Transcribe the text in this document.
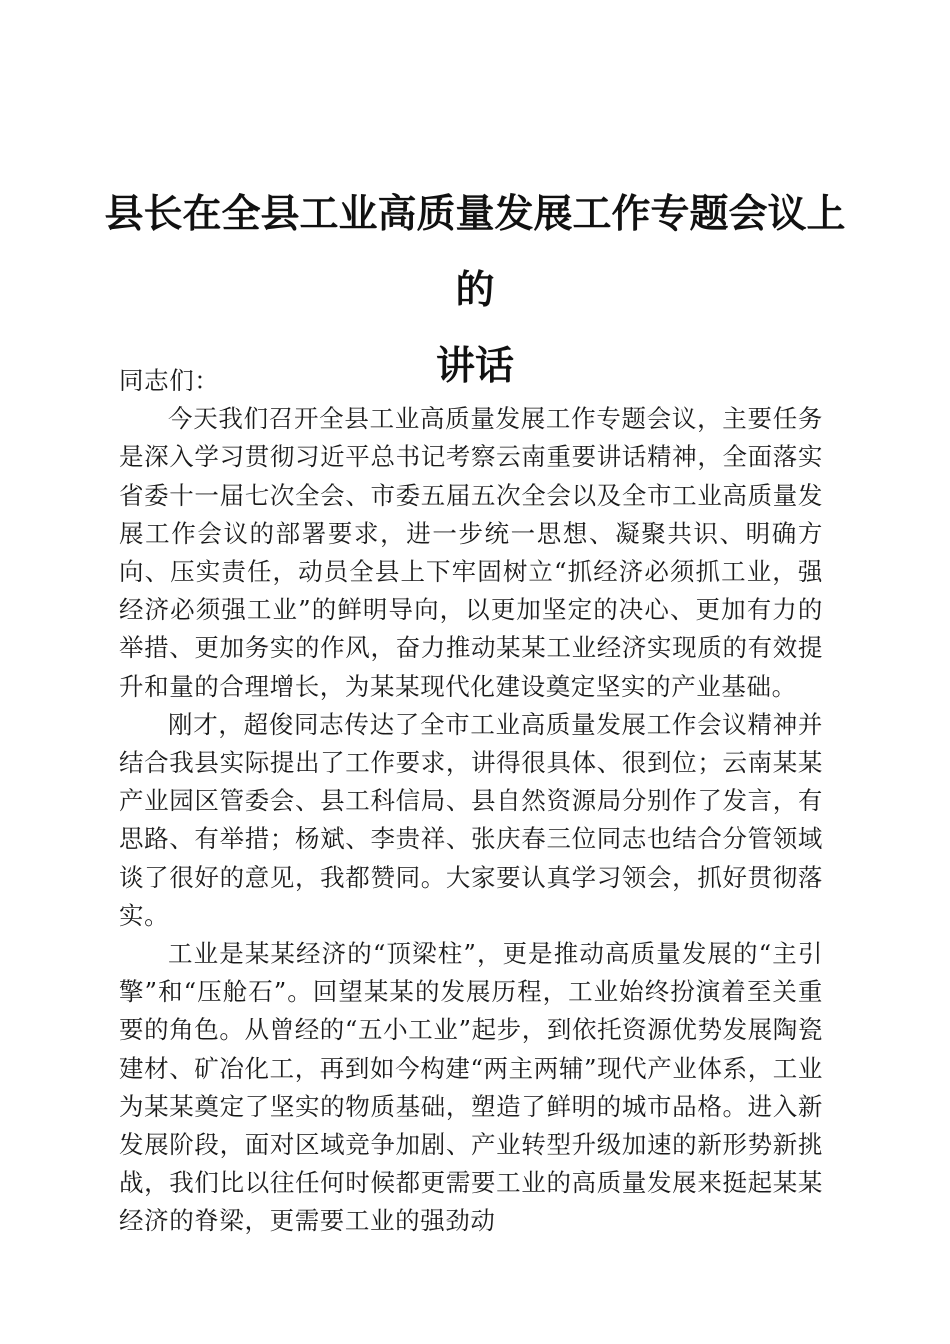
县长在全县工业高质量发展工作专题会议上的
讲话

同志们：

今天我们召开全县工业高质量发展工作专题会议，主要任务是深入学习贯彻习近平总书记考察云南重要讲话精神，全面落实省委十一届七次全会、市委五届五次全会以及全市工业高质量发展工作会议的部署要求，进一步统一思想、凝聚共识、明确方向、压实责任，动员全县上下牢固树立“抓经济必须抓工业，强经济必须强工业”的鲜明导向，以更加坚定的决心、更加有力的举措、更加务实的作风，奋力推动某某工业经济实现质的有效提升和量的合理增长，为某某现代化建设奠定坚实的产业基础。

刚才，超俊同志传达了全市工业高质量发展工作会议精神并结合我县实际提出了工作要求，讲得很具体、很到位；云南某某产业园区管委会、县工科信局、县自然资源局分别作了发言，有思路、有举措；杨斌、李贵祥、张庆春三位同志也结合分管领域谈了很好的意见，我都赞同。大家要认真学习领会，抓好贯彻落实。

工业是某某经济的“顶梁柱”，更是推动高质量发展的“主引擎”和“压舱石”。回望某某的发展历程，工业始终扮演着至关重要的角色。从曾经的“五小工业”起步，到依托资源优势发展陶瓷建材、矿冶化工，再到如今构建“两主两辅”现代产业体系，工业为某某奠定了坚实的物质基础，塑造了鲜明的城市品格。进入新发展阶段，面对区域竞争加剧、产业转型升级加速的新形势新挑战，我们比以往任何时候都更需要工业的高质量发展来挺起某某经济的脊梁，更需要工业的强劲动
